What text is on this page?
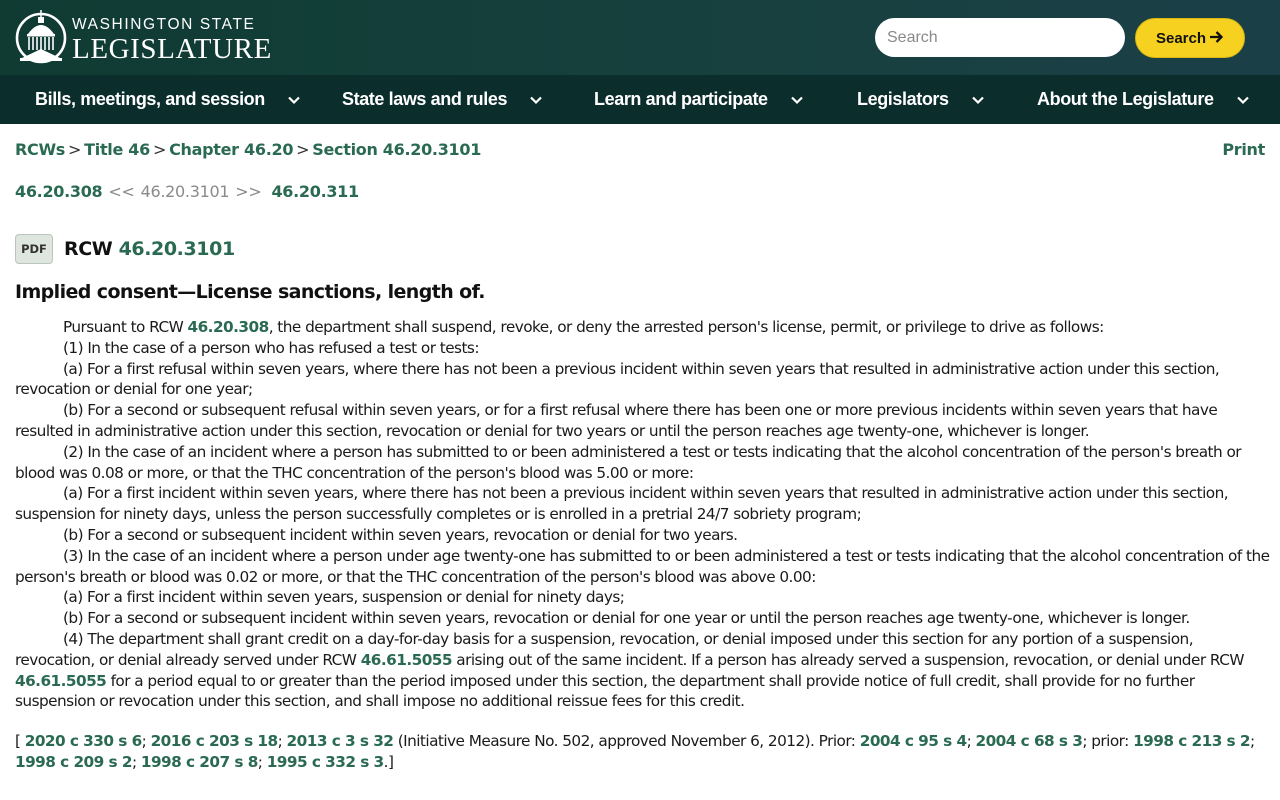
WASHINGTON STATE
LEGISLATURE
Search	Search
Bills, meetings, and session	State laws and rules	Learn and participate	Legislators	About the Legislature
RCWs > Title 46 > Chapter 46.20 > Section 46.20.3101	Print
46.20.308 << 46.20.3101 >> 46.20.311
PDF RCW 46.20.3101
Implied consent—License sanctions, length of.

Pursuant to RCW 46.20.308, the department shall suspend, revoke, or deny the arrested person's license, permit, or privilege to drive as follows:

(1) In the case of a person who has refused a test or tests:

(a) For a first refusal within seven years, where there has not been a previous incident within seven years that resulted in administrative action under this section, revocation or denial for one year;

(b) For a second or subsequent refusal within seven years, or for a first refusal where there has been one or more previous incidents within seven years that have resulted in administrative action under this section, revocation or denial for two years or until the person reaches age twenty-one, whichever is longer.

(2) In the case of an incident where a person has submitted to or been administered a test or tests indicating that the alcohol concentration of the person's breath or blood was 0.08 or more, or that the THC concentration of the person's blood was 5.00 or more:

(a) For a first incident within seven years, where there has not been a previous incident within seven years that resulted in administrative action under this section, suspension for ninety days, unless the person successfully completes or is enrolled in a pretrial 24/7 sobriety program;

(b) For a second or subsequent incident within seven years, revocation or denial for two years.

(3) In the case of an incident where a person under age twenty-one has submitted to or been administered a test or tests indicating that the alcohol concentration of the person's breath or blood was 0.02 or more, or that the THC concentration of the person's blood was above 0.00:

(a) For a first incident within seven years, suspension or denial for ninety days;

(b) For a second or subsequent incident within seven years, revocation or denial for one year or until the person reaches age twenty-one, whichever is longer.

(4) The department shall grant credit on a day-for-day basis for a suspension, revocation, or denial imposed under this section for any portion of a suspension, revocation, or denial already served under RCW 46.61.5055 arising out of the same incident. If a person has already served a suspension, revocation, or denial under RCW 46.61.5055 for a period equal to or greater than the period imposed under this section, the department shall provide notice of full credit, shall provide for no further suspension or revocation under this section, and shall impose no additional reissue fees for this credit.

[ 2020 c 330 s 6; 2016 c 203 s 18; 2013 c 3 s 32 (Initiative Measure No. 502, approved November 6, 2012). Prior: 2004 c 95 s 4; 2004 c 68 s 3; prior: 1998 c 213 s 2; 1998 c 209 s 2; 1998 c 207 s 8; 1995 c 332 s 3.]
